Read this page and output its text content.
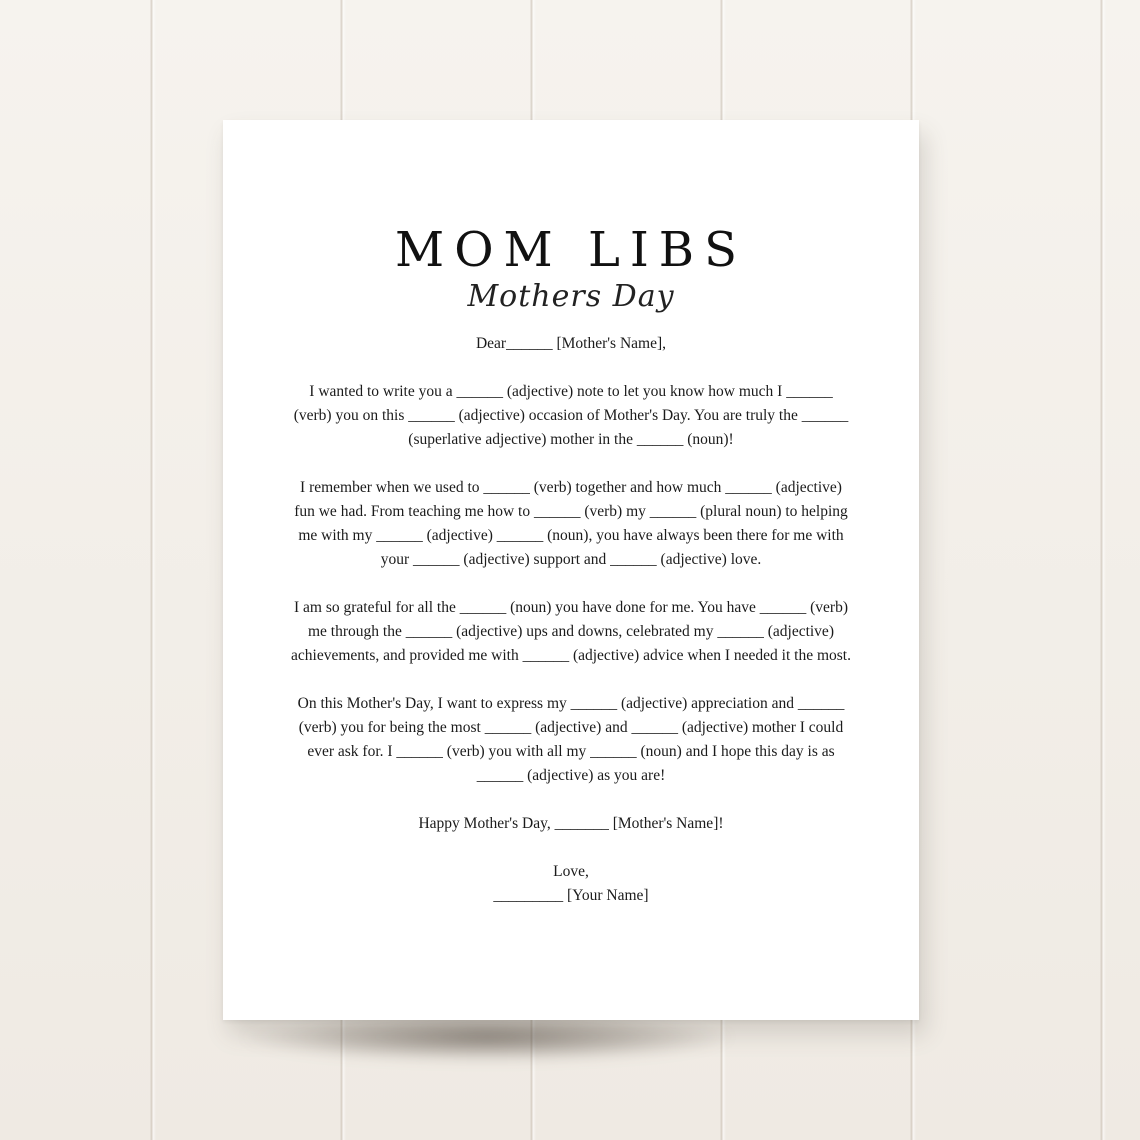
MOM LIBS
Mothers Day

Dear______ [Mother's Name],

I wanted to write you a ______ (adjective) note to let you know how much I ______ (verb) you on this ______ (adjective) occasion of Mother's Day. You are truly the ______ (superlative adjective) mother in the ______ (noun)!

I remember when we used to ______ (verb) together and how much ______ (adjective) fun we had. From teaching me how to ______ (verb) my ______ (plural noun) to helping me with my ______ (adjective) ______ (noun), you have always been there for me with your ______ (adjective) support and ______ (adjective) love.

I am so grateful for all the ______ (noun) you have done for me. You have ______ (verb) me through the ______ (adjective) ups and downs, celebrated my ______ (adjective) achievements, and provided me with ______ (adjective) advice when I needed it the most.

On this Mother's Day, I want to express my ______ (adjective) appreciation and ______ (verb) you for being the most ______ (adjective) and ______ (adjective) mother I could ever ask for. I ______ (verb) you with all my ______ (noun) and I hope this day is as ______ (adjective) as you are!

Happy Mother's Day, _______ [Mother's Name]!

Love,

_________ [Your Name]
